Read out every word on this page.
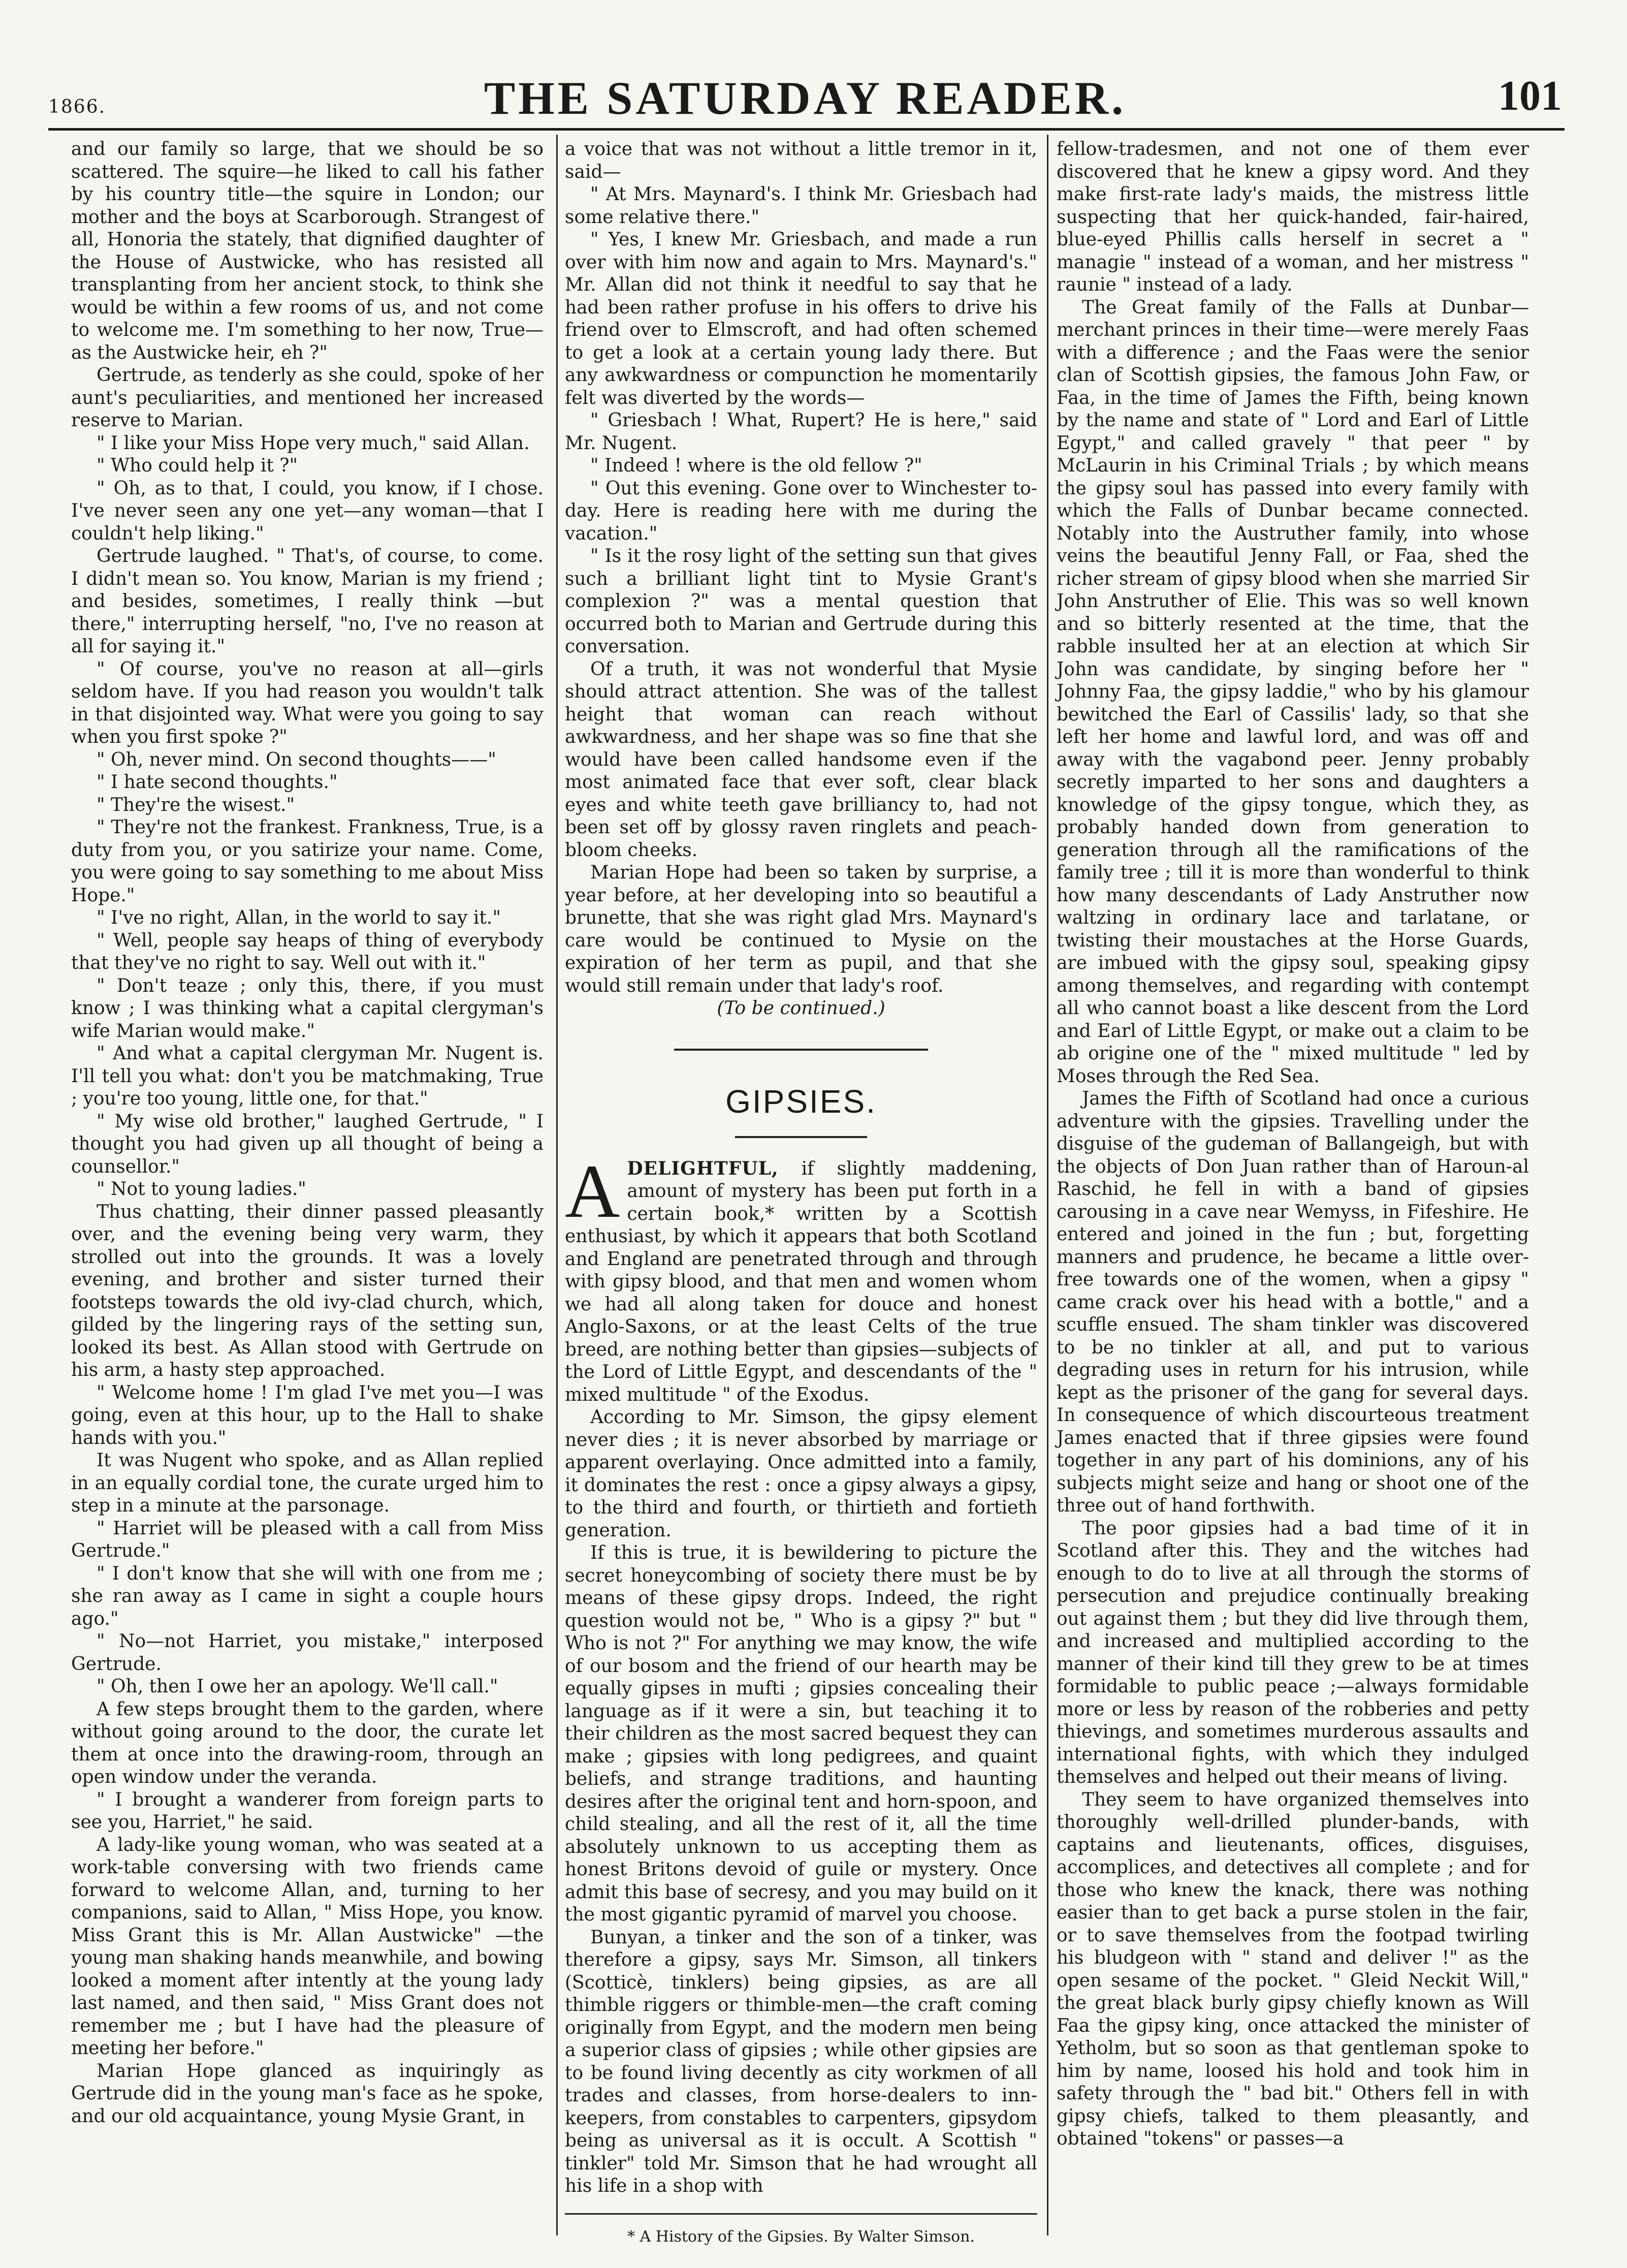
1866.	THE SATURDAY READER.	101

and our family so large, that we should be so scattered. The squire—he liked to call his father by his country title—the squire in London; our mother and the boys at Scarborough. Strangest of all, Honoria the stately, that dignified daughter of the House of Austwicke, who has resisted all transplanting from her ancient stock, to think she would be within a few rooms of us, and not come to welcome me. I'm something to her now, True—as the Austwicke heir, eh ?"

Gertrude, as tenderly as she could, spoke of her aunt's peculiarities, and mentioned her increased reserve to Marian.

" I like your Miss Hope very much," said Allan.

" Who could help it ?"

" Oh, as to that, I could, you know, if I chose. I've never seen any one yet—any woman—that I couldn't help liking."

Gertrude laughed. " That's, of course, to come. I didn't mean so. You know, Marian is my friend ; and besides, sometimes, I really think —but there," interrupting herself, "no, I've no reason at all for saying it."

" Of course, you've no reason at all—girls seldom have. If you had reason you wouldn't talk in that disjointed way. What were you going to say when you first spoke ?"

" Oh, never mind. On second thoughts——"

" I hate second thoughts."

" They're the wisest."

" They're not the frankest. Frankness, True, is a duty from you, or you satirize your name. Come, you were going to say something to me about Miss Hope."

" I've no right, Allan, in the world to say it."

" Well, people say heaps of thing of everybody that they've no right to say. Well out with it."

" Don't teaze ; only this, there, if you must know ; I was thinking what a capital clergyman's wife Marian would make."

" And what a capital clergyman Mr. Nugent is. I'll tell you what: don't you be matchmaking, True ; you're too young, little one, for that."

" My wise old brother," laughed Gertrude, " I thought you had given up all thought of being a counsellor."

" Not to young ladies."

Thus chatting, their dinner passed pleasantly over, and the evening being very warm, they strolled out into the grounds. It was a lovely evening, and brother and sister turned their footsteps towards the old ivy-clad church, which, gilded by the lingering rays of the setting sun, looked its best. As Allan stood with Gertrude on his arm, a hasty step approached.

" Welcome home ! I'm glad I've met you—I was going, even at this hour, up to the Hall to shake hands with you."

It was Nugent who spoke, and as Allan replied in an equally cordial tone, the curate urged him to step in a minute at the parsonage.

" Harriet will be pleased with a call from Miss Gertrude."

" I don't know that she will with one from me ; she ran away as I came in sight a couple hours ago."

" No—not Harriet, you mistake," interposed Gertrude.

" Oh, then I owe her an apology. We'll call."

A few steps brought them to the garden, where without going around to the door, the curate let them at once into the drawing-room, through an open window under the veranda.

" I brought a wanderer from foreign parts to see you, Harriet," he said.

A lady-like young woman, who was seated at a work-table conversing with two friends came forward to welcome Allan, and, turning to her companions, said to Allan, " Miss Hope, you know. Miss Grant this is Mr. Allan Austwicke" —the young man shaking hands meanwhile, and bowing looked a moment after intently at the young lady last named, and then said, " Miss Grant does not remember me ; but I have had the pleasure of meeting her before."

Marian Hope glanced as inquiringly as Gertrude did in the young man's face as he spoke, and our old acquaintance, young Mysie Grant, in

a voice that was not without a little tremor in it, said—

" At Mrs. Maynard's. I think Mr. Griesbach had some relative there."

" Yes, I knew Mr. Griesbach, and made a run over with him now and again to Mrs. Maynard's." Mr. Allan did not think it needful to say that he had been rather profuse in his offers to drive his friend over to Elmscroft, and had often schemed to get a look at a certain young lady there. But any awkwardness or compunction he momentarily felt was diverted by the words—

" Griesbach ! What, Rupert? He is here," said Mr. Nugent.

" Indeed ! where is the old fellow ?"

" Out this evening. Gone over to Winchester to-day. Here is reading here with me during the vacation."

" Is it the rosy light of the setting sun that gives such a brilliant light tint to Mysie Grant's complexion ?" was a mental question that occurred both to Marian and Gertrude during this conversation.

Of a truth, it was not wonderful that Mysie should attract attention. She was of the tallest height that woman can reach without awkwardness, and her shape was so fine that she would have been called handsome even if the most animated face that ever soft, clear black eyes and white teeth gave brilliancy to, had not been set off by glossy raven ringlets and peach-bloom cheeks.

Marian Hope had been so taken by surprise, a year before, at her developing into so beautiful a brunette, that she was right glad Mrs. Maynard's care would be continued to Mysie on the expiration of her term as pupil, and that she would still remain under that lady's roof.

(To be continued.)

GIPSIES.

ADELIGHTFUL, if slightly maddening, amount of mystery has been put forth in a certain book,* written by a Scottish enthusiast, by which it appears that both Scotland and England are penetrated through and through with gipsy blood, and that men and women whom we had all along taken for douce and honest Anglo-Saxons, or at the least Celts of the true breed, are nothing better than gipsies—subjects of the Lord of Little Egypt, and descendants of the " mixed multitude " of the Exodus.

According to Mr. Simson, the gipsy element never dies ; it is never absorbed by marriage or apparent overlaying. Once admitted into a family, it dominates the rest : once a gipsy always a gipsy, to the third and fourth, or thirtieth and fortieth generation.

If this is true, it is bewildering to picture the secret honeycombing of society there must be by means of these gipsy drops. Indeed, the right question would not be, " Who is a gipsy ?" but " Who is not ?" For anything we may know, the wife of our bosom and the friend of our hearth may be equally gipses in mufti ; gipsies concealing their language as if it were a sin, but teaching it to their children as the most sacred bequest they can make ; gipsies with long pedigrees, and quaint beliefs, and strange traditions, and haunting desires after the original tent and horn-spoon, and child stealing, and all the rest of it, all the time absolutely unknown to us accepting them as honest Britons devoid of guile or mystery. Once admit this base of secresy, and you may build on it the most gigantic pyramid of marvel you choose.

Bunyan, a tinker and the son of a tinker, was therefore a gipsy, says Mr. Simson, all tinkers (Scotticè, tinklers) being gipsies, as are all thimble riggers or thimble-men—the craft coming originally from Egypt, and the modern men being a superior class of gipsies ; while other gipsies are to be found living decently as city workmen of all trades and classes, from horse-dealers to inn-keepers, from constables to carpenters, gipsydom being as universal as it is occult. A Scottish " tinkler" told Mr. Simson that he had wrought all his life in a shop with

* A History of the Gipsies. By Walter Simson.

fellow-tradesmen, and not one of them ever discovered that he knew a gipsy word. And they make first-rate lady's maids, the mistress little suspecting that her quick-handed, fair-haired, blue-eyed Phillis calls herself in secret a " managie " instead of a woman, and her mistress " raunie " instead of a lady.

The Great family of the Falls at Dunbar—merchant princes in their time—were merely Faas with a difference ; and the Faas were the senior clan of Scottish gipsies, the famous John Faw, or Faa, in the time of James the Fifth, being known by the name and state of " Lord and Earl of Little Egypt," and called gravely " that peer " by McLaurin in his Criminal Trials ; by which means the gipsy soul has passed into every family with which the Falls of Dunbar became connected. Notably into the Austruther family, into whose veins the beautiful Jenny Fall, or Faa, shed the richer stream of gipsy blood when she married Sir John Anstruther of Elie. This was so well known and so bitterly resented at the time, that the rabble insulted her at an election at which Sir John was candidate, by singing before her " Johnny Faa, the gipsy laddie," who by his glamour bewitched the Earl of Cassilis' lady, so that she left her home and lawful lord, and was off and away with the vagabond peer. Jenny probably secretly imparted to her sons and daughters a knowledge of the gipsy tongue, which they, as probably handed down from generation to generation through all the ramifications of the family tree ; till it is more than wonderful to think how many descendants of Lady Anstruther now waltzing in ordinary lace and tarlatane, or twisting their moustaches at the Horse Guards, are imbued with the gipsy soul, speaking gipsy among themselves, and regarding with contempt all who cannot boast a like descent from the Lord and Earl of Little Egypt, or make out a claim to be ab origine one of the " mixed multitude " led by Moses through the Red Sea.

James the Fifth of Scotland had once a curious adventure with the gipsies. Travelling under the disguise of the gudeman of Ballangeigh, but with the objects of Don Juan rather than of Haroun-al Raschid, he fell in with a band of gipsies carousing in a cave near Wemyss, in Fifeshire. He entered and joined in the fun ; but, forgetting manners and prudence, he became a little over-free towards one of the women, when a gipsy " came crack over his head with a bottle," and a scuffle ensued. The sham tinkler was discovered to be no tinkler at all, and put to various degrading uses in return for his intrusion, while kept as the prisoner of the gang for several days. In consequence of which discourteous treatment James enacted that if three gipsies were found together in any part of his dominions, any of his subjects might seize and hang or shoot one of the three out of hand forthwith.

The poor gipsies had a bad time of it in Scotland after this. They and the witches had enough to do to live at all through the storms of persecution and prejudice continually breaking out against them ; but they did live through them, and increased and multiplied according to the manner of their kind till they grew to be at times formidable to public peace ;—always formidable more or less by reason of the robberies and petty thievings, and sometimes murderous assaults and international fights, with which they indulged themselves and helped out their means of living.

They seem to have organized themselves into thoroughly well-drilled plunder-bands, with captains and lieutenants, offices, disguises, accomplices, and detectives all complete ; and for those who knew the knack, there was nothing easier than to get back a purse stolen in the fair, or to save themselves from the footpad twirling his bludgeon with " stand and deliver !" as the open sesame of the pocket. " Gleid Neckit Will," the great black burly gipsy chiefly known as Will Faa the gipsy king, once attacked the minister of Yetholm, but so soon as that gentleman spoke to him by name, loosed his hold and took him in safety through the " bad bit." Others fell in with gipsy chiefs, talked to them pleasantly, and obtained "tokens" or passes—a
